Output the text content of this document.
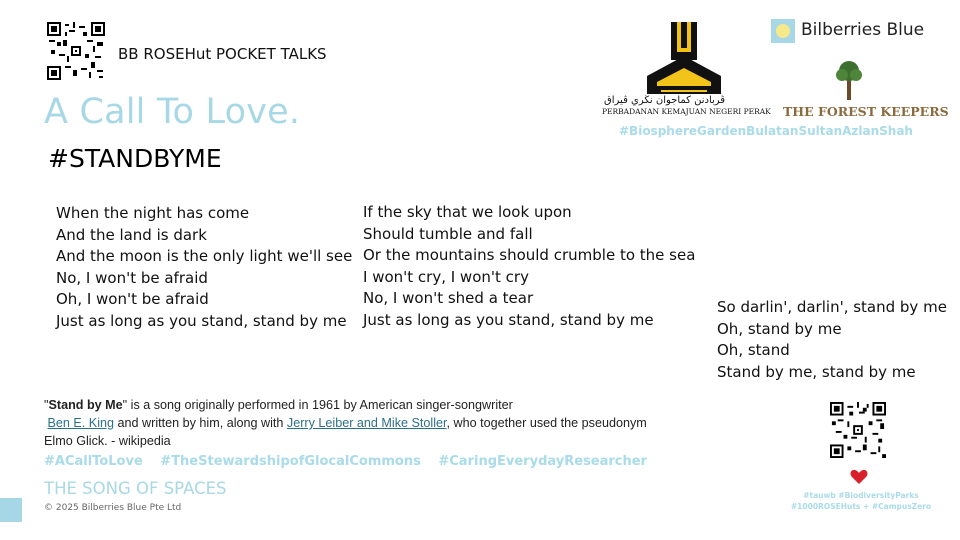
BB ROSEHut POCKET TALKS
A Call To Love.
#STANDBYME
ڤربادنن كماجوان نڬري ڤيراق
PERBADANAN KEMAJUAN NEGERI PERAK
Bilberries Blue
THE FOREST KEEPERS
#BiosphereGardenBulatanSultanAzlanShah
When the night has come
And the land is dark
And the moon is the only light we'll see
No, I won't be afraid
Oh, I won't be afraid
Just as long as you stand, stand by me
If the sky that we look upon
Should tumble and fall
Or the mountains should crumble to the sea
I won't cry, I won't cry
No, I won't shed a tear
Just as long as you stand, stand by me
So darlin', darlin', stand by me
Oh, stand by me
Oh, stand
Stand by me, stand by me
"Stand by Me" is a song originally performed in 1961 by American singer-songwriter
Ben E. King and written by him, along with Jerry Leiber and Mike Stoller, who together used the pseudonym Elmo Glick. - wikipedia
#ACallToLove #TheStewardshipofGlocalCommons #CaringEverydayResearcher
THE SONG OF SPACES
© 2025 Bilberries Blue Pte Ltd
#tauwb #BiodiversityParks
#1000ROSEHuts + #CampusZero
